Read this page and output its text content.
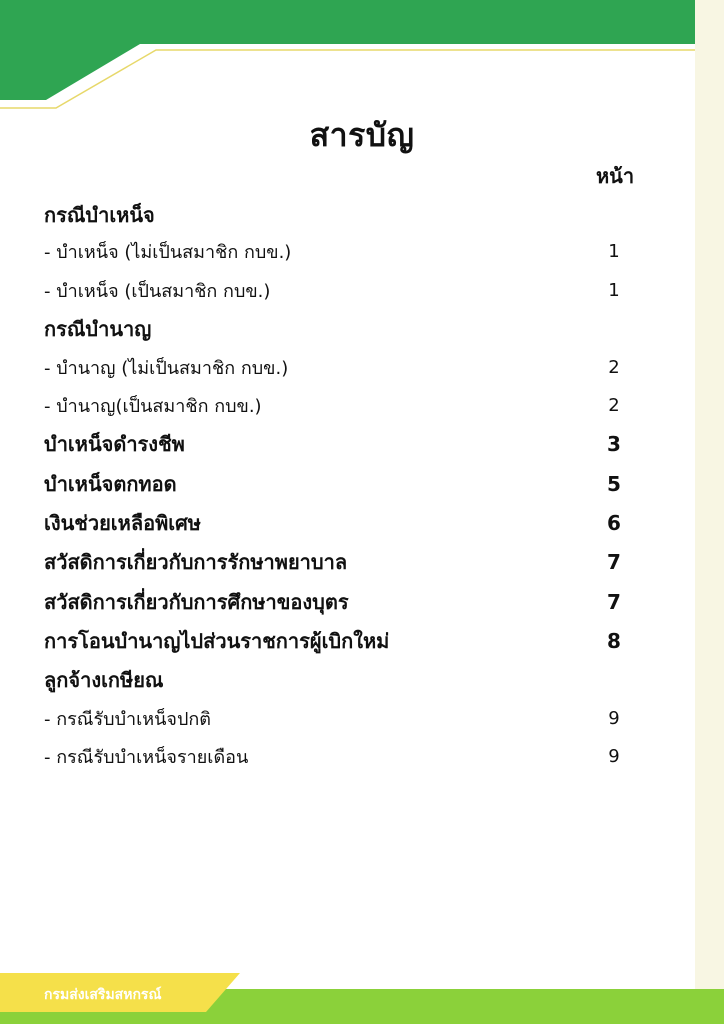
สารบัญ
หน้า
กรณีบำเหน็จ
- บำเหน็จ (ไม่เป็นสมาชิก กบข.)	1
- บำเหน็จ (เป็นสมาชิก กบข.)	1
กรณีบำนาญ
- บำนาญ (ไม่เป็นสมาชิก กบข.)	2
- บำนาญ(เป็นสมาชิก กบข.)	2
บำเหน็จดำรงชีพ	3
บำเหน็จตกทอด	5
เงินช่วยเหลือพิเศษ	6
สวัสดิการเกี่ยวกับการรักษาพยาบาล	7
สวัสดิการเกี่ยวกับการศึกษาของบุตร	7
การโอนบำนาญไปส่วนราชการผู้เบิกใหม่	8
ลูกจ้างเกษียณ
- กรณีรับบำเหน็จปกติ	9
- กรณีรับบำเหน็จรายเดือน	9
กรมส่งเสริมสหกรณ์
